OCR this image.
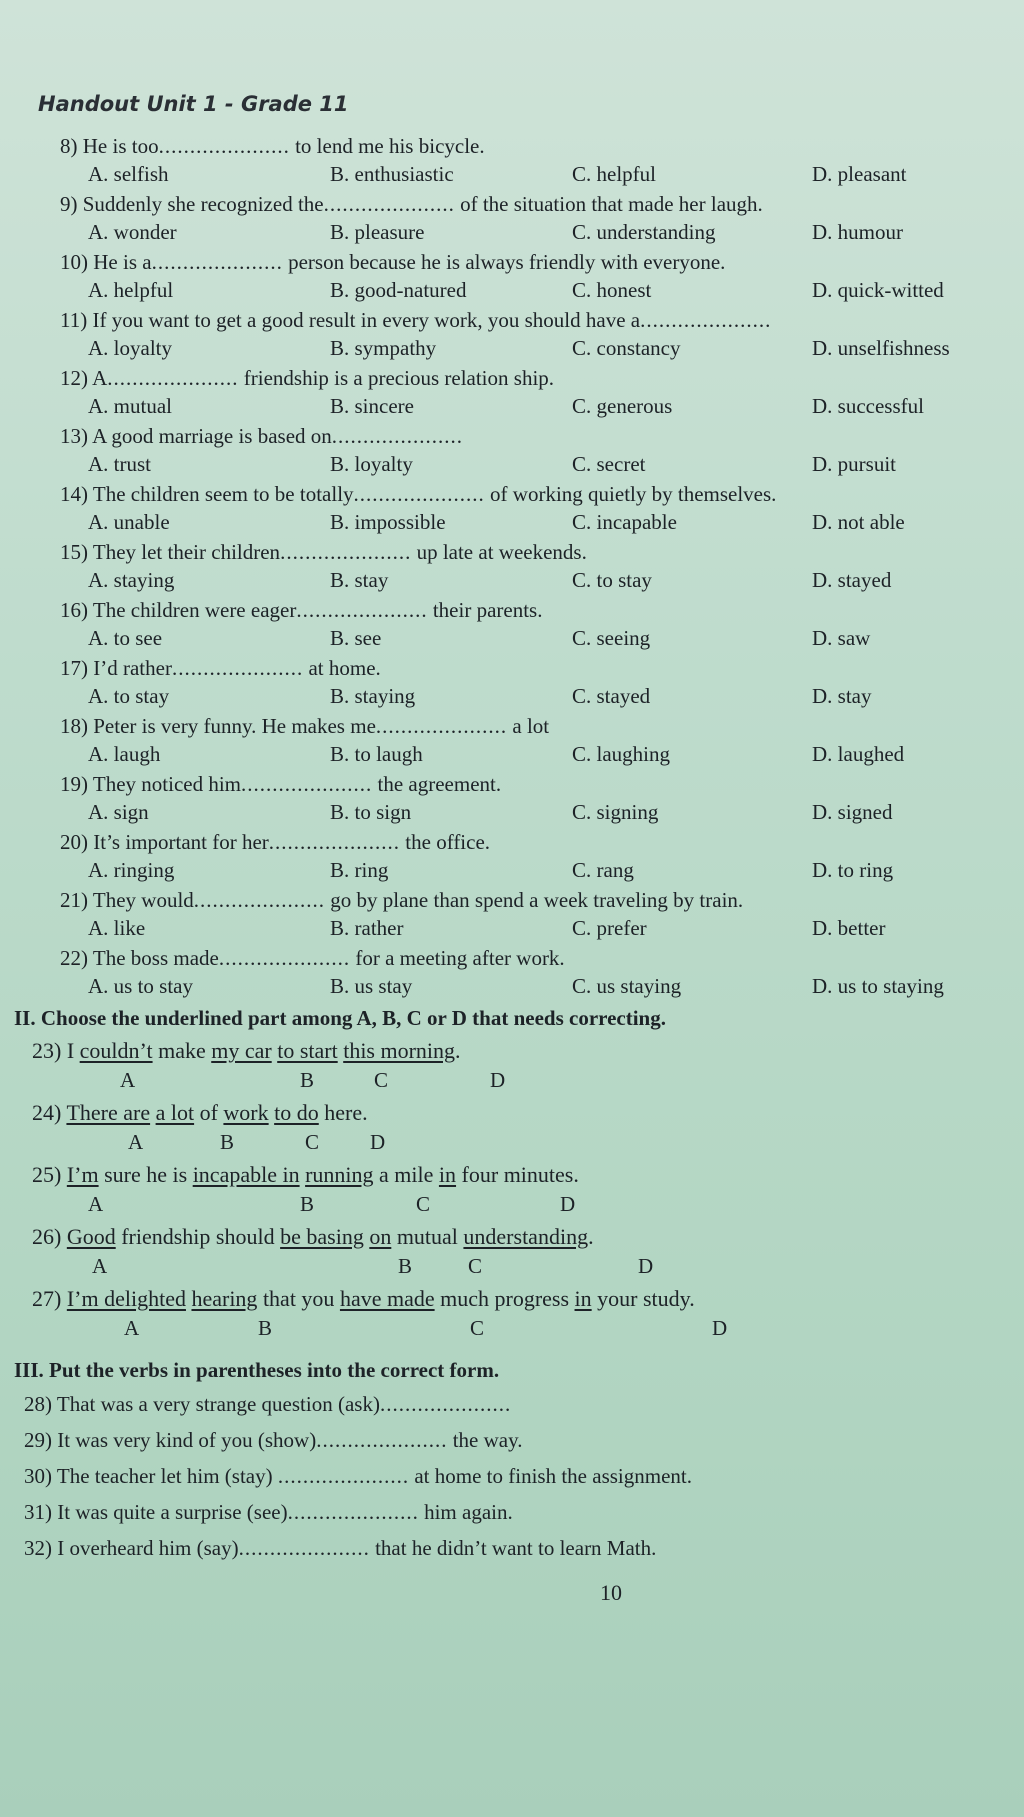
Handout Unit 1 - Grade 11
8) He is too..................... to lend me his bicycle.
A. selfish	B. enthusiastic	C. helpful	D. pleasant
9) Suddenly she recognized the..................... of the situation that made her laugh.
A. wonder	B. pleasure	C. understanding	D. humour
10) He is a..................... person because he is always friendly with everyone.
A. helpful	B. good-natured	C. honest	D. quick-witted
11) If you want to get a good result in every work, you should have a.....................
A. loyalty	B. sympathy	C. constancy	D. unselfishness
12) A..................... friendship is a precious relation ship.
A. mutual	B. sincere	C. generous	D. successful
13) A good marriage is based on.....................
A. trust	B. loyalty	C. secret	D. pursuit
14) The children seem to be totally..................... of working quietly by themselves.
A. unable	B. impossible	C. incapable	D. not able
15) They let their children..................... up late at weekends.
A. staying	B. stay	C. to stay	D. stayed
16) The children were eager..................... their parents.
A. to see	B. see	C. seeing	D. saw
17) I’d rather..................... at home.
A. to stay	B. staying	C. stayed	D. stay
18) Peter is very funny. He makes me..................... a lot
A. laugh	B. to laugh	C. laughing	D. laughed
19) They noticed him..................... the agreement.
A. sign	B. to sign	C. signing	D. signed
20) It’s important for her..................... the office.
A. ringing	B. ring	C. rang	D. to ring
21) They would..................... go by plane than spend a week traveling by train.
A. like	B. rather	C. prefer	D. better
22) The boss made..................... for a meeting after work.
A. us to stay	B. us stay	C. us staying	D. us to staying
II. Choose the underlined part among A, B, C or D that needs correcting.
23) I couldn’t make my car to start this morning.
A	B	C	D
24) There are a lot of work to do here.
A	B	C D
25) I’m sure he is incapable in running a mile in four minutes.
A	B	C	D
26) Good friendship should be basing on mutual understanding.
A	B	C	D
27) I’m delighted hearing that you have made much progress in your study.
A	B	C	D
III. Put the verbs in parentheses into the correct form.
28) That was a very strange question (ask).....................
29) It was very kind of you (show)..................... the way.
30) The teacher let him (stay) ..................... at home to finish the assignment.
31) It was quite a surprise (see)..................... him again.
32) I overheard him (say)..................... that he didn’t want to learn Math.
10
